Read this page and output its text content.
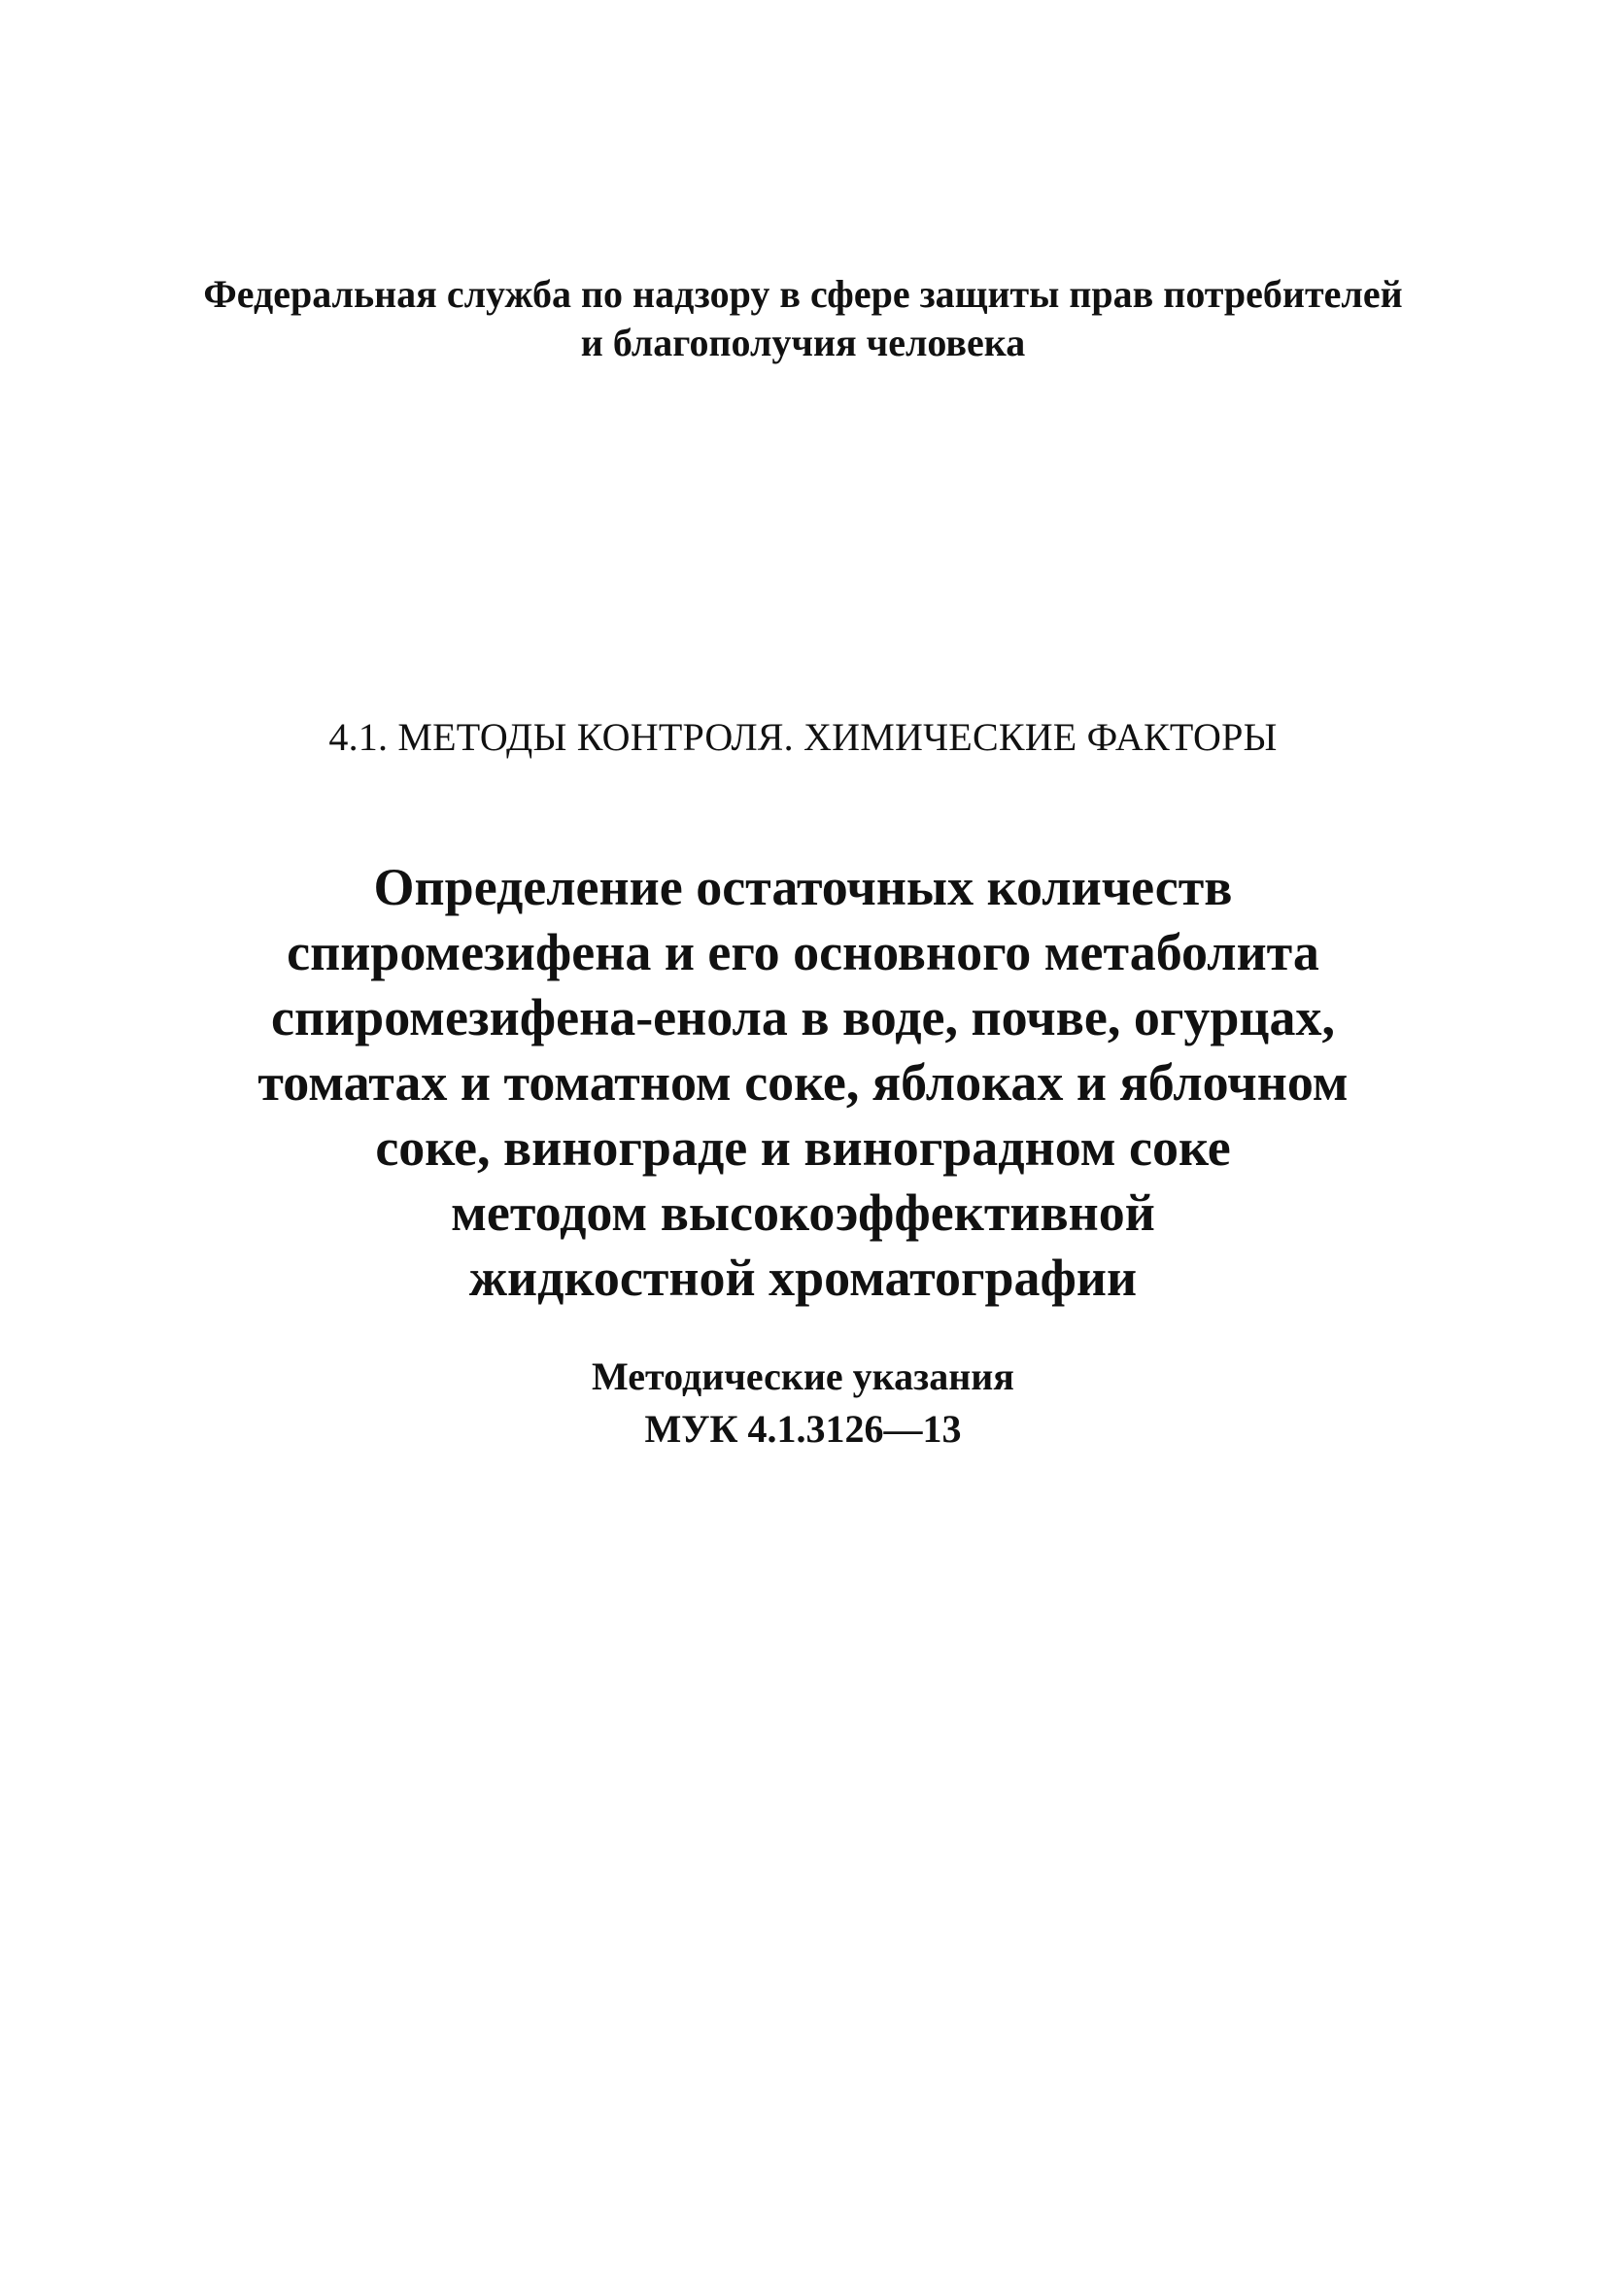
Федеральная служба по надзору в сфере защиты прав потребителей
и благополучия человека
4.1. МЕТОДЫ КОНТРОЛЯ. ХИМИЧЕСКИЕ ФАКТОРЫ
Определение остаточных количеств
спиромезифена и его основного метаболита
спиромезифена-енола в воде, почве, огурцах,
томатах и томатном соке, яблоках и яблочном
соке, винограде и виноградном соке
методом высокоэффективной
жидкостной хроматографии
Методические указания
МУК 4.1.3126—13
